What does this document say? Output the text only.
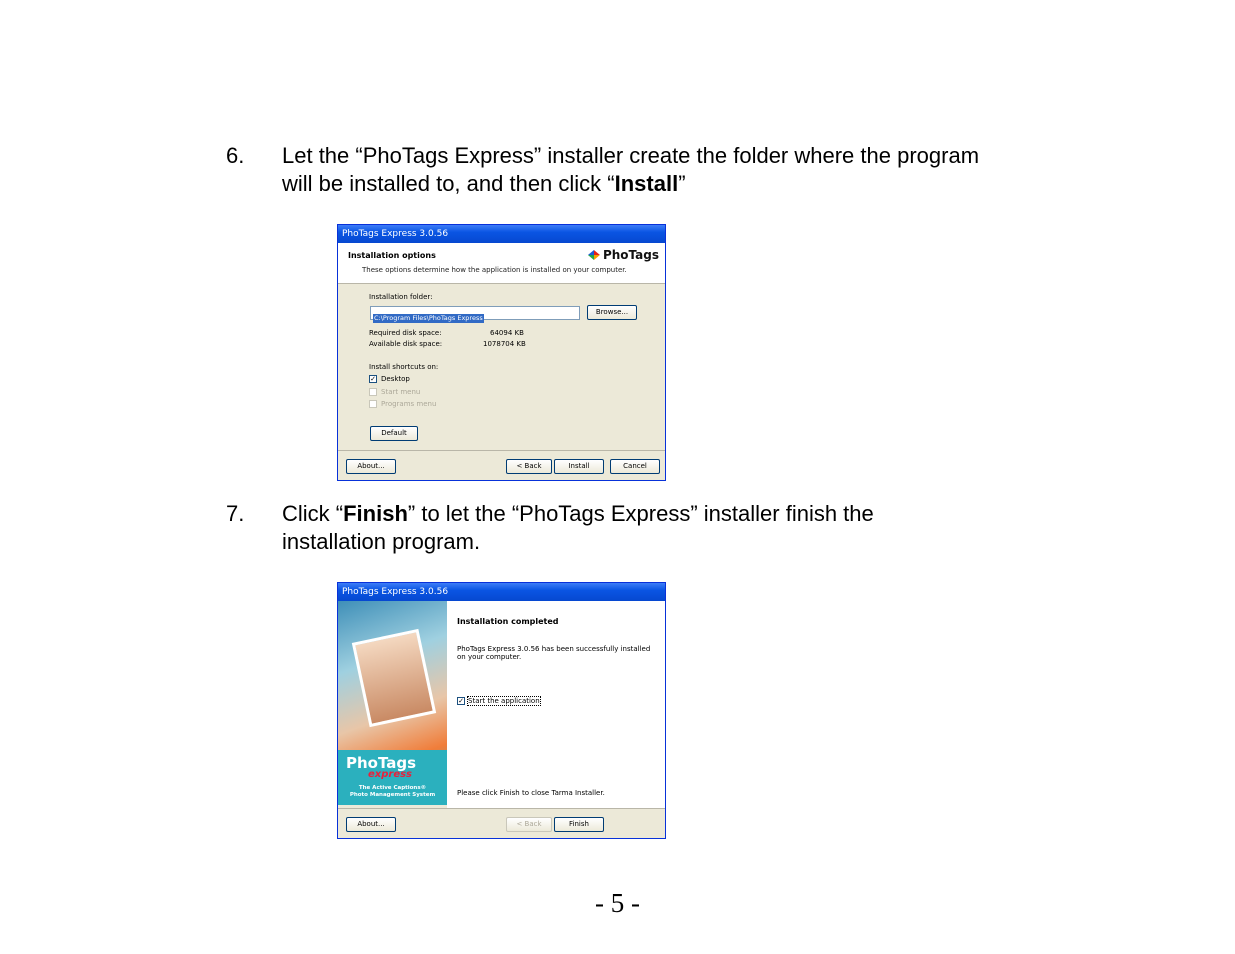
6. Let the “PhoTags Express” installer create the folder where the program will be installed to, and then click “Install”
PhoTags Express 3.0.56
Installation options
These options determine how the application is installed on your computer.
PhoTags
Installation folder:
C:\Program Files\PhoTags Express
Browse...
Required disk space:	64094 KB
Available disk space:	1078704 KB
Install shortcuts on:
✓ Desktop
Start menu
Programs menu
Default
About...	< Back	Install	Cancel
7. Click “Finish” to let the “PhoTags Express” installer finish the installation program.
PhoTags Express 3.0.56
PhoTags
express
The Active Captions®
Photo Management System
Installation completed
PhoTags Express 3.0.56 has been successfully installed on your computer.
✓ Start the application
Please click Finish to close Tarma Installer.
About...	< Back	Finish
- 5 -
